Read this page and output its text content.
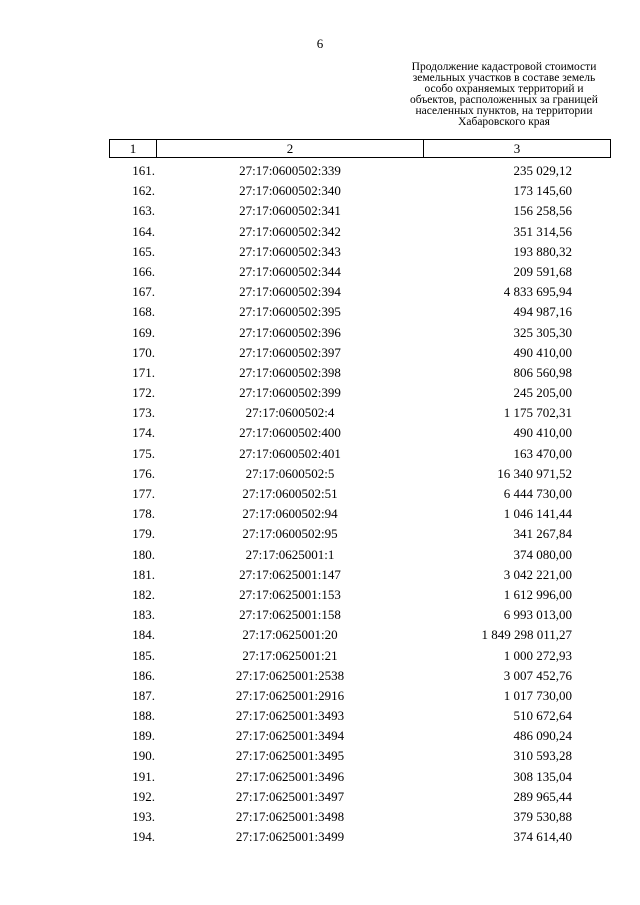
6
Продолжение кадастровой стоимости
земельных участков в составе земель
особо охраняемых территорий и
объектов, расположенных за границей
населенных пунктов, на территории
Хабаровского края
1	2	3
161.	27:17:0600502:339	235 029,12
162.	27:17:0600502:340	173 145,60
163.	27:17:0600502:341	156 258,56
164.	27:17:0600502:342	351 314,56
165.	27:17:0600502:343	193 880,32
166.	27:17:0600502:344	209 591,68
167.	27:17:0600502:394	4 833 695,94
168.	27:17:0600502:395	494 987,16
169.	27:17:0600502:396	325 305,30
170.	27:17:0600502:397	490 410,00
171.	27:17:0600502:398	806 560,98
172.	27:17:0600502:399	245 205,00
173.	27:17:0600502:4	1 175 702,31
174.	27:17:0600502:400	490 410,00
175.	27:17:0600502:401	163 470,00
176.	27:17:0600502:5	16 340 971,52
177.	27:17:0600502:51	6 444 730,00
178.	27:17:0600502:94	1 046 141,44
179.	27:17:0600502:95	341 267,84
180.	27:17:0625001:1	374 080,00
181.	27:17:0625001:147	3 042 221,00
182.	27:17:0625001:153	1 612 996,00
183.	27:17:0625001:158	6 993 013,00
184.	27:17:0625001:20	1 849 298 011,27
185.	27:17:0625001:21	1 000 272,93
186.	27:17:0625001:2538	3 007 452,76
187.	27:17:0625001:2916	1 017 730,00
188.	27:17:0625001:3493	510 672,64
189.	27:17:0625001:3494	486 090,24
190.	27:17:0625001:3495	310 593,28
191.	27:17:0625001:3496	308 135,04
192.	27:17:0625001:3497	289 965,44
193.	27:17:0625001:3498	379 530,88
194.	27:17:0625001:3499	374 614,40
